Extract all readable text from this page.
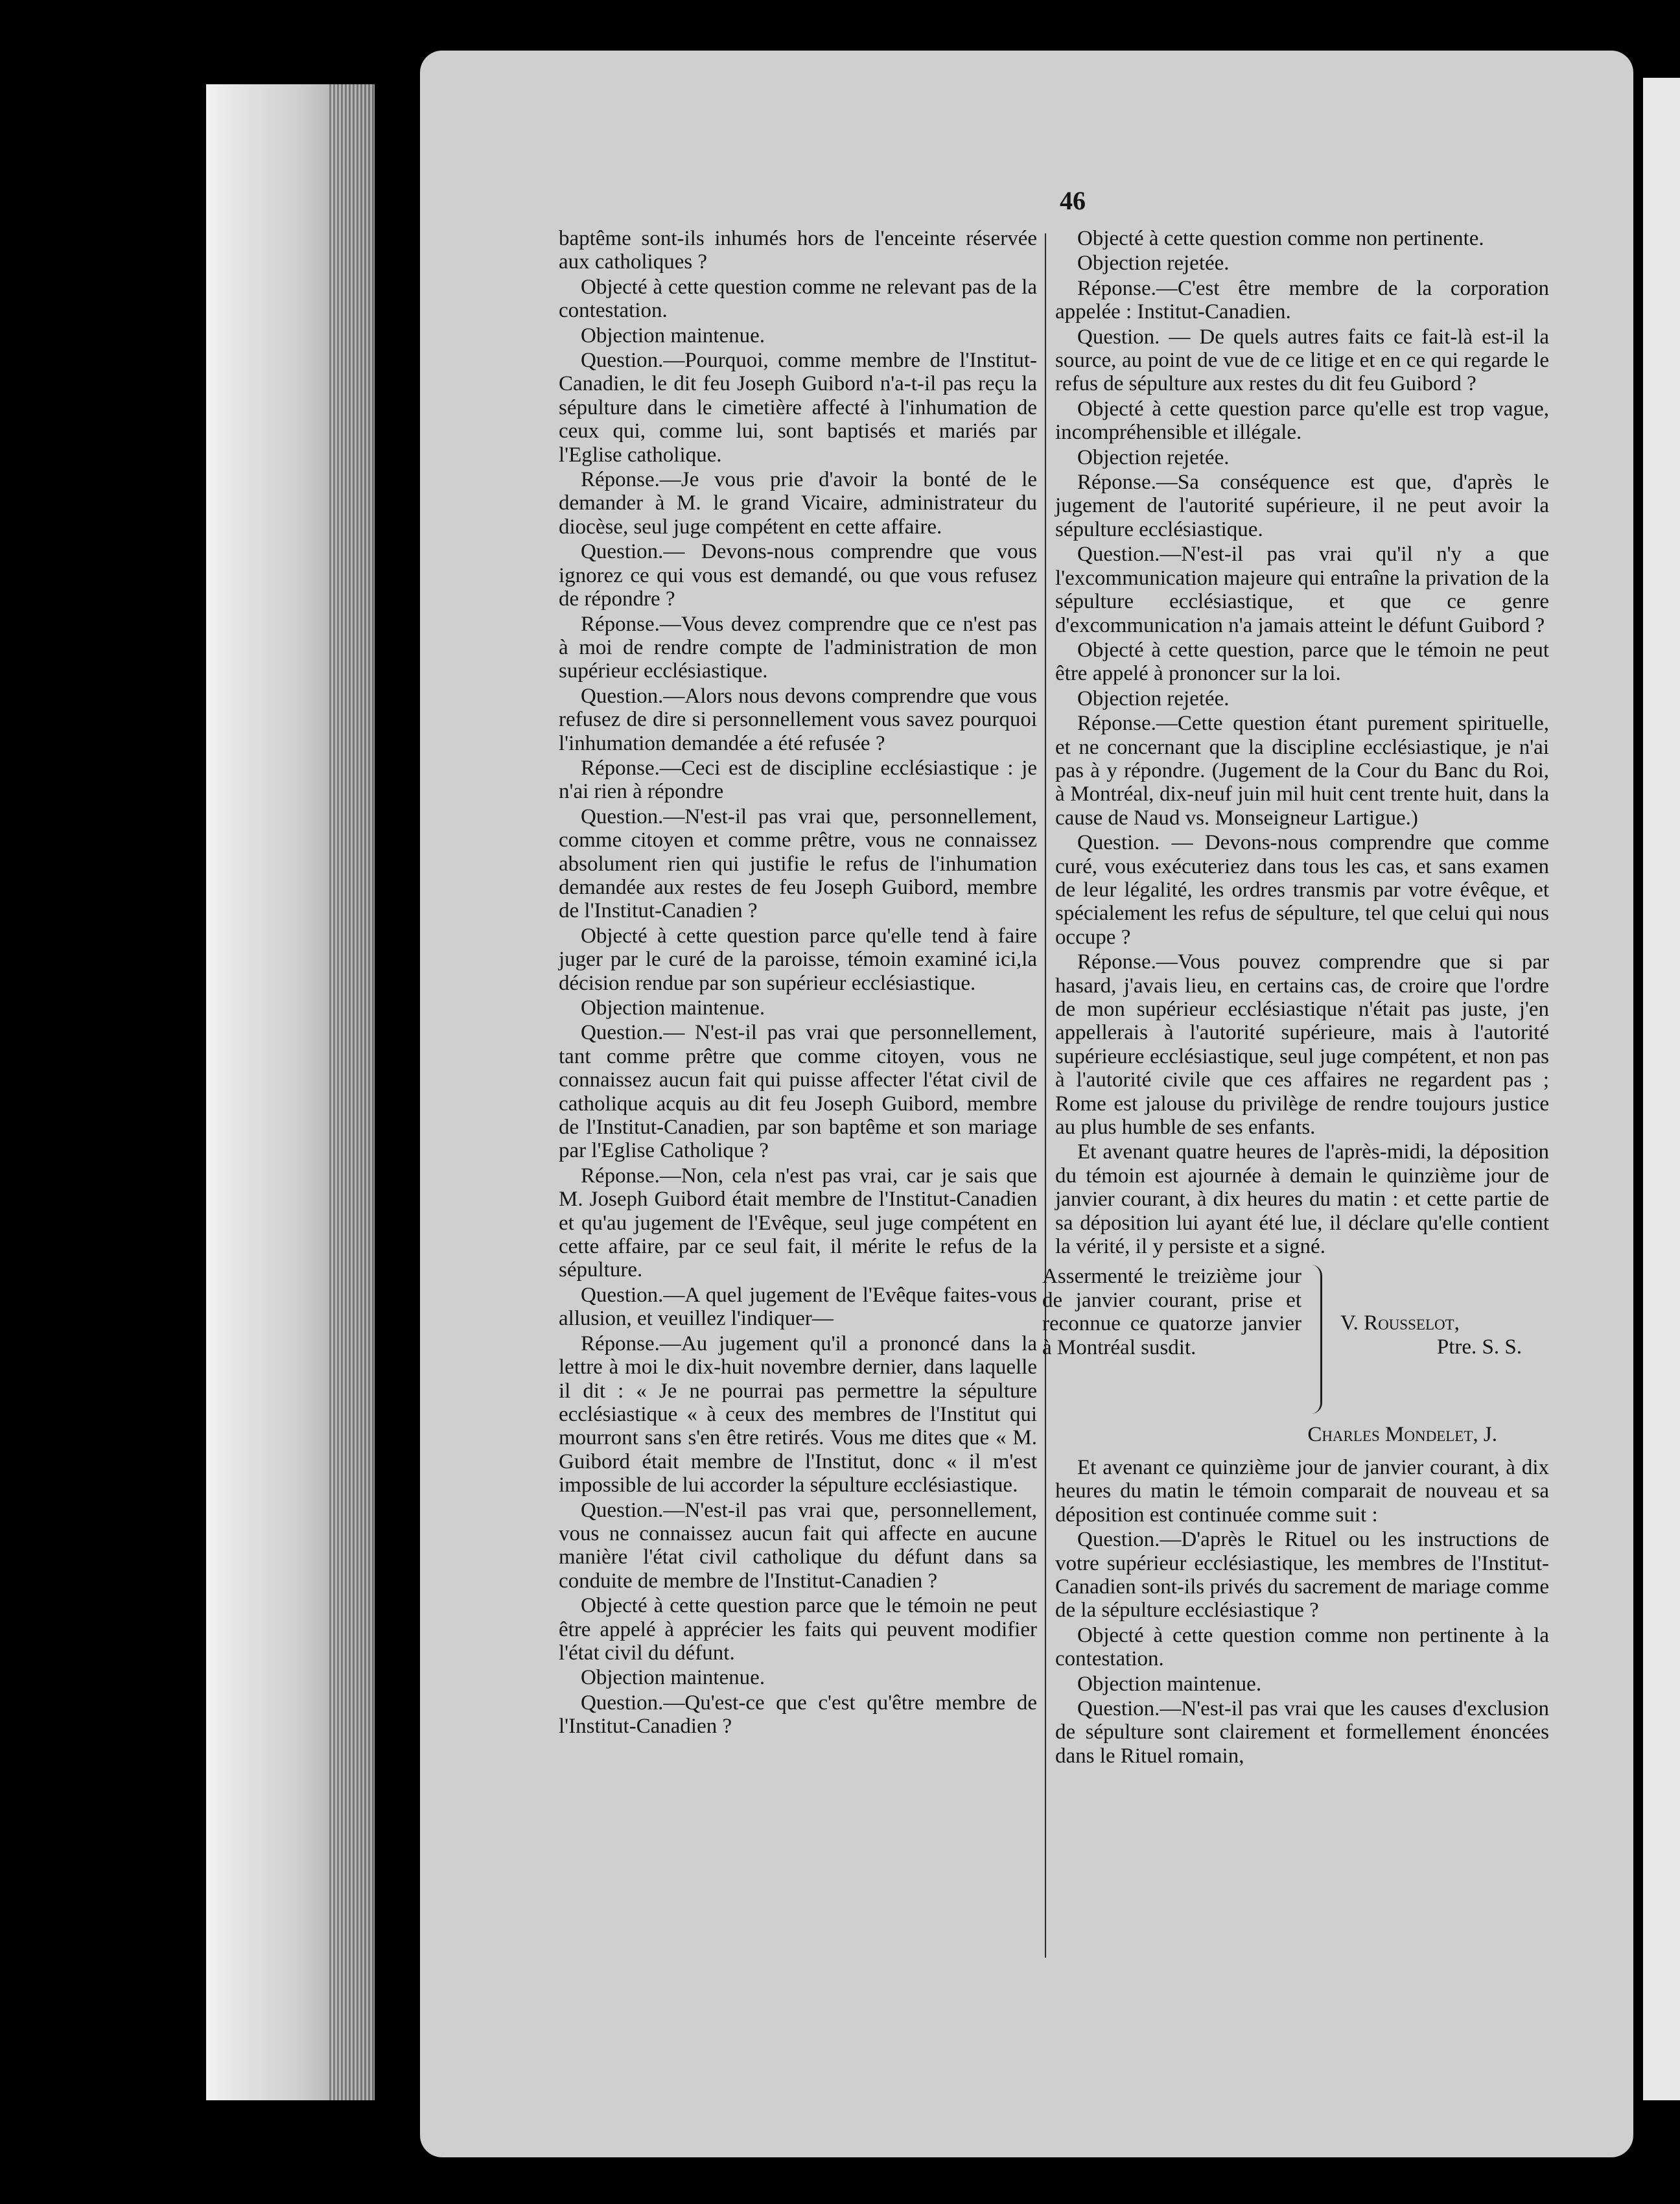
46

baptême sont-ils inhumés hors de l'enceinte réservée aux catholiques ?

Objecté à cette question comme ne relevant pas de la contestation.

Objection maintenue.

Question.—Pourquoi, comme membre de l'Institut-Canadien, le dit feu Joseph Guibord n'a-t-il pas reçu la sépulture dans le cimetière affecté à l'inhumation de ceux qui, comme lui, sont baptisés et mariés par l'Eglise catholique.

Réponse.—Je vous prie d'avoir la bonté de le demander à M. le grand Vicaire, administrateur du diocèse, seul juge compétent en cette affaire.

Question.— Devons-nous comprendre que vous ignorez ce qui vous est demandé, ou que vous refusez de répondre ?

Réponse.—Vous devez comprendre que ce n'est pas à moi de rendre compte de l'administration de mon supérieur ecclésiastique.

Question.—Alors nous devons comprendre que vous refusez de dire si personnellement vous savez pourquoi l'inhumation demandée a été refusée ?

Réponse.—Ceci est de discipline ecclésiastique : je n'ai rien à répondre

Question.—N'est-il pas vrai que, personnellement, comme citoyen et comme prêtre, vous ne connaissez absolument rien qui justifie le refus de l'inhumation demandée aux restes de feu Joseph Guibord, membre de l'Institut-Canadien ?

Objecté à cette question parce qu'elle tend à faire juger par le curé de la paroisse, témoin examiné ici,la décision rendue par son supérieur ecclésiastique.

Objection maintenue.

Question.— N'est-il pas vrai que personnellement, tant comme prêtre que comme citoyen, vous ne connaissez aucun fait qui puisse affecter l'état civil de catholique acquis au dit feu Joseph Guibord, membre de l'Institut-Canadien, par son baptême et son mariage par l'Eglise Catholique ?

Réponse.—Non, cela n'est pas vrai, car je sais que M. Joseph Guibord était membre de l'Institut-Canadien et qu'au jugement de l'Evêque, seul juge compétent en cette affaire, par ce seul fait, il mérite le refus de la sépulture.

Question.—A quel jugement de l'Evêque faites-vous allusion, et veuillez l'indiquer—

Réponse.—Au jugement qu'il a prononcé dans la lettre à moi le dix-huit novembre dernier, dans laquelle il dit : « Je ne pourrai pas permettre la sépulture ecclésiastique « à ceux des membres de l'Institut qui mourront sans s'en être retirés. Vous me dites que « M. Guibord était membre de l'Institut, donc « il m'est impossible de lui accorder la sépulture ecclésiastique.

Question.—N'est-il pas vrai que, personnellement, vous ne connaissez aucun fait qui affecte en aucune manière l'état civil catholique du défunt dans sa conduite de membre de l'Institut-Canadien ?

Objecté à cette question parce que le témoin ne peut être appelé à apprécier les faits qui peuvent modifier l'état civil du défunt.

Objection maintenue.

Question.—Qu'est-ce que c'est qu'être membre de l'Institut-Canadien ?

Objecté à cette question comme non pertinente.

Objection rejetée.

Réponse.—C'est être membre de la corporation appelée : Institut-Canadien.

Question. — De quels autres faits ce fait-là est-il la source, au point de vue de ce litige et en ce qui regarde le refus de sépulture aux restes du dit feu Guibord ?

Objecté à cette question parce qu'elle est trop vague, incompréhensible et illégale.

Objection rejetée.

Réponse.—Sa conséquence est que, d'après le jugement de l'autorité supérieure, il ne peut avoir la sépulture ecclésiastique.

Question.—N'est-il pas vrai qu'il n'y a que l'excommunication majeure qui entraîne la privation de la sépulture ecclésiastique, et que ce genre d'excommunication n'a jamais atteint le défunt Guibord ?

Objecté à cette question, parce que le témoin ne peut être appelé à prononcer sur la loi.

Objection rejetée.

Réponse.—Cette question étant purement spirituelle, et ne concernant que la discipline ecclésiastique, je n'ai pas à y répondre. (Jugement de la Cour du Banc du Roi, à Montréal, dix-neuf juin mil huit cent trente huit, dans la cause de Naud vs. Monseigneur Lartigue.)

Question. — Devons-nous comprendre que comme curé, vous exécuteriez dans tous les cas, et sans examen de leur légalité, les ordres transmis par votre évêque, et spécialement les refus de sépulture, tel que celui qui nous occupe ?

Réponse.—Vous pouvez comprendre que si par hasard, j'avais lieu, en certains cas, de croire que l'ordre de mon supérieur ecclésiastique n'était pas juste, j'en appellerais à l'autorité supérieure, mais à l'autorité supérieure ecclésiastique, seul juge compétent, et non pas à l'autorité civile que ces affaires ne regardent pas ; Rome est jalouse du privilège de rendre toujours justice au plus humble de ses enfants.

Et avenant quatre heures de l'après-midi, la déposition du témoin est ajournée à demain le quinzième jour de janvier courant, à dix heures du matin : et cette partie de sa déposition lui ayant été lue, il déclare qu'elle contient la vérité, il y persiste et a signé.

Assermenté le treizième jour de janvier courant, prise et reconnue ce quatorze janvier à Montréal susdit.
V. Rousselot,
Ptre. S. S.
Charles Mondelet, J.

Et avenant ce quinzième jour de janvier courant, à dix heures du matin le témoin comparait de nouveau et sa déposition est continuée comme suit :

Question.—D'après le Rituel ou les instructions de votre supérieur ecclésiastique, les membres de l'Institut-Canadien sont-ils privés du sacrement de mariage comme de la sépulture ecclésiastique ?

Objecté à cette question comme non pertinente à la contestation.

Objection maintenue.

Question.—N'est-il pas vrai que les causes d'exclusion de sépulture sont clairement et formellement énoncées dans le Rituel romain,
